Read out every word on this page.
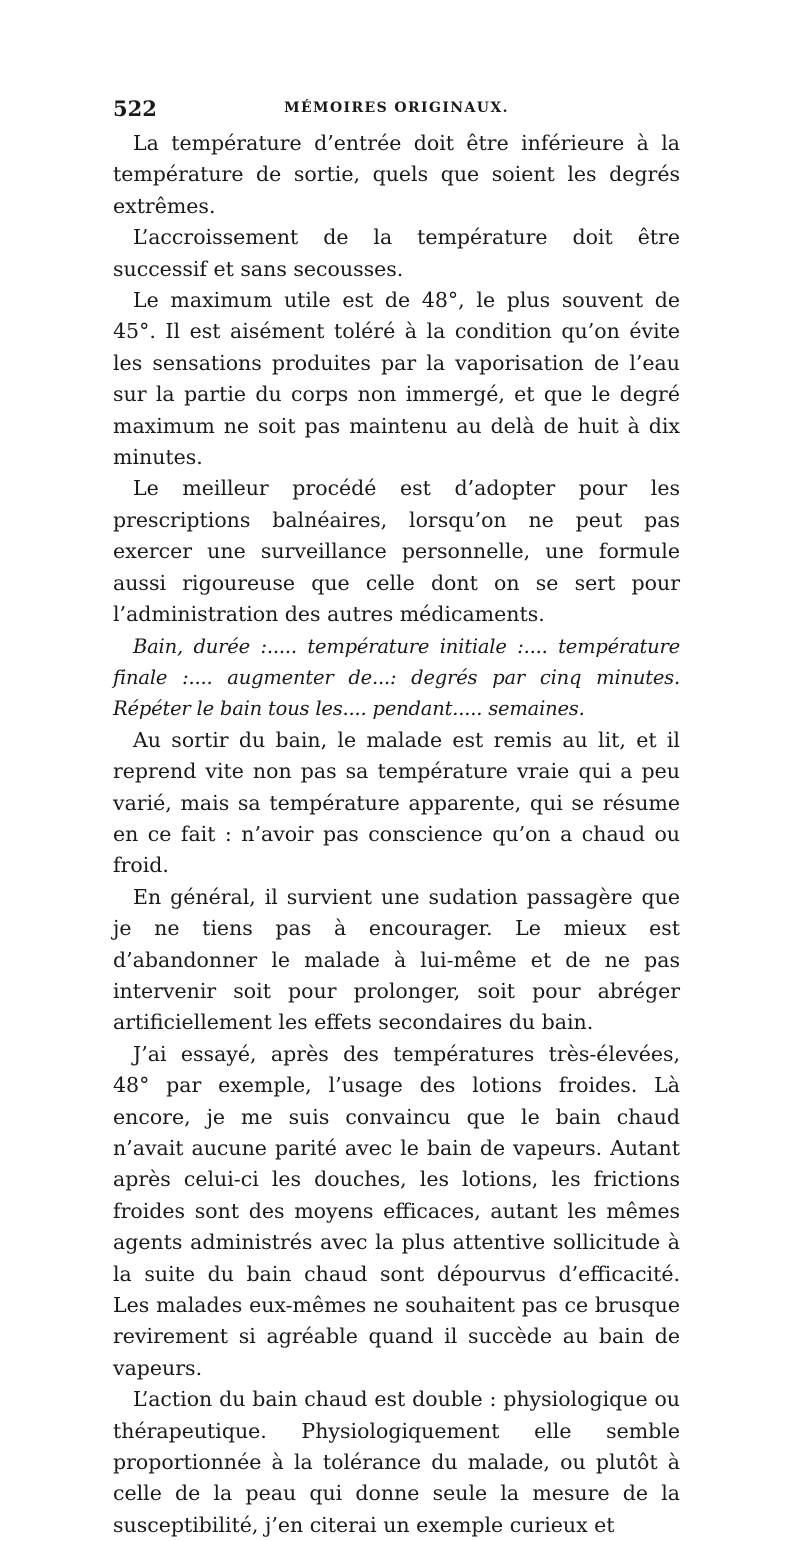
522	MÉMOIRES ORIGINAUX.

La température d’entrée doit être inférieure à la température de sortie, quels que soient les degrés extrêmes.

L’accroissement de la température doit être successif et sans secousses.

Le maximum utile est de 48°, le plus souvent de 45°. Il est aisément toléré à la condition qu’on évite les sensations produites par la vaporisation de l’eau sur la partie du corps non immergé, et que le degré maximum ne soit pas maintenu au delà de huit à dix minutes.

Le meilleur procédé est d’adopter pour les prescriptions balnéaires, lorsqu’on ne peut pas exercer une surveillance personnelle, une formule aussi rigoureuse que celle dont on se sert pour l’administration des autres médicaments.

Bain, durée :..... température initiale :.... température finale :.... augmenter de...: degrés par cinq minutes. Répéter le bain tous les.... pendant..... semaines.

Au sortir du bain, le malade est remis au lit, et il reprend vite non pas sa température vraie qui a peu varié, mais sa température apparente, qui se résume en ce fait : n’avoir pas conscience qu’on a chaud ou froid.

En général, il survient une sudation passagère que je ne tiens pas à encourager. Le mieux est d’abandonner le malade à lui-même et de ne pas intervenir soit pour prolonger, soit pour abréger artificiellement les effets secondaires du bain.

J’ai essayé, après des températures très-élevées, 48° par exemple, l’usage des lotions froides. Là encore, je me suis convaincu que le bain chaud n’avait aucune parité avec le bain de vapeurs. Autant après celui-ci les douches, les lotions, les frictions froides sont des moyens efficaces, autant les mêmes agents administrés avec la plus attentive sollicitude à la suite du bain chaud sont dépourvus d’efficacité. Les malades eux-mêmes ne souhaitent pas ce brusque revirement si agréable quand il succède au bain de vapeurs.

L’action du bain chaud est double : physiologique ou thérapeutique. Physiologiquement elle semble proportionnée à la tolérance du malade, ou plutôt à celle de la peau qui donne seule la mesure de la susceptibilité, j’en citerai un exemple curieux et
